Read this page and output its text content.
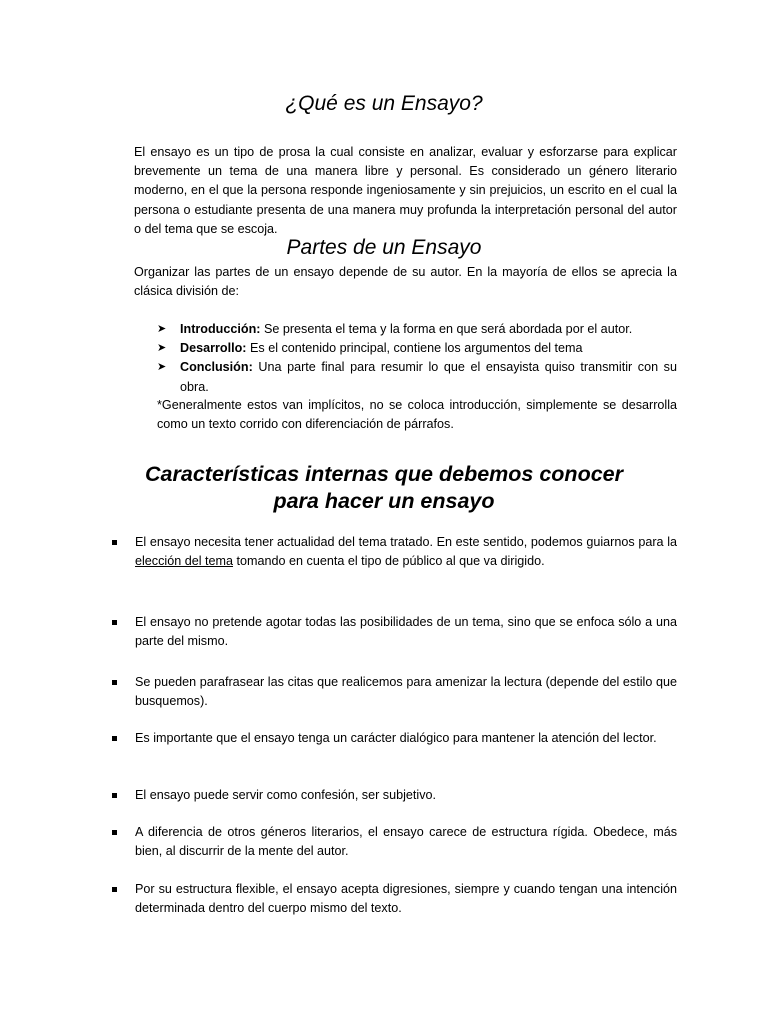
¿Qué es un Ensayo?
El ensayo es un tipo de prosa la cual consiste en analizar, evaluar y esforzarse para explicar brevemente un tema de una manera libre y personal. Es considerado un género literario moderno, en el que la persona responde ingeniosamente y sin prejuicios, un escrito en el cual la persona o estudiante presenta de una manera muy profunda la interpretación personal del autor o del tema que se escoja.
Partes de un Ensayo
Organizar las partes de un ensayo depende de su autor. En la mayoría de ellos se aprecia la clásica división de:
➤ Introducción: Se presenta el tema y la forma en que será abordada por el autor.
➤ Desarrollo: Es el contenido principal, contiene los argumentos del tema
➤ Conclusión: Una parte final para resumir lo que el ensayista quiso transmitir con su obra.
*Generalmente estos van implícitos, no se coloca introducción, simplemente se desarrolla como un texto corrido con diferenciación de párrafos.
Características internas que debemos conocer
para hacer un ensayo
El ensayo necesita tener actualidad del tema tratado. En este sentido, podemos guiarnos para la elección del tema tomando en cuenta el tipo de público al que va dirigido.
El ensayo no pretende agotar todas las posibilidades de un tema, sino que se enfoca sólo a una parte del mismo.
Se pueden parafrasear las citas que realicemos para amenizar la lectura (depende del estilo que busquemos).
Es importante que el ensayo tenga un carácter dialógico para mantener la atención del lector.
El ensayo puede servir como confesión, ser subjetivo.
A diferencia de otros géneros literarios, el ensayo carece de estructura rígida. Obedece, más bien, al discurrir de la mente del autor.
Por su estructura flexible, el ensayo acepta digresiones, siempre y cuando tengan una intención determinada dentro del cuerpo mismo del texto.
